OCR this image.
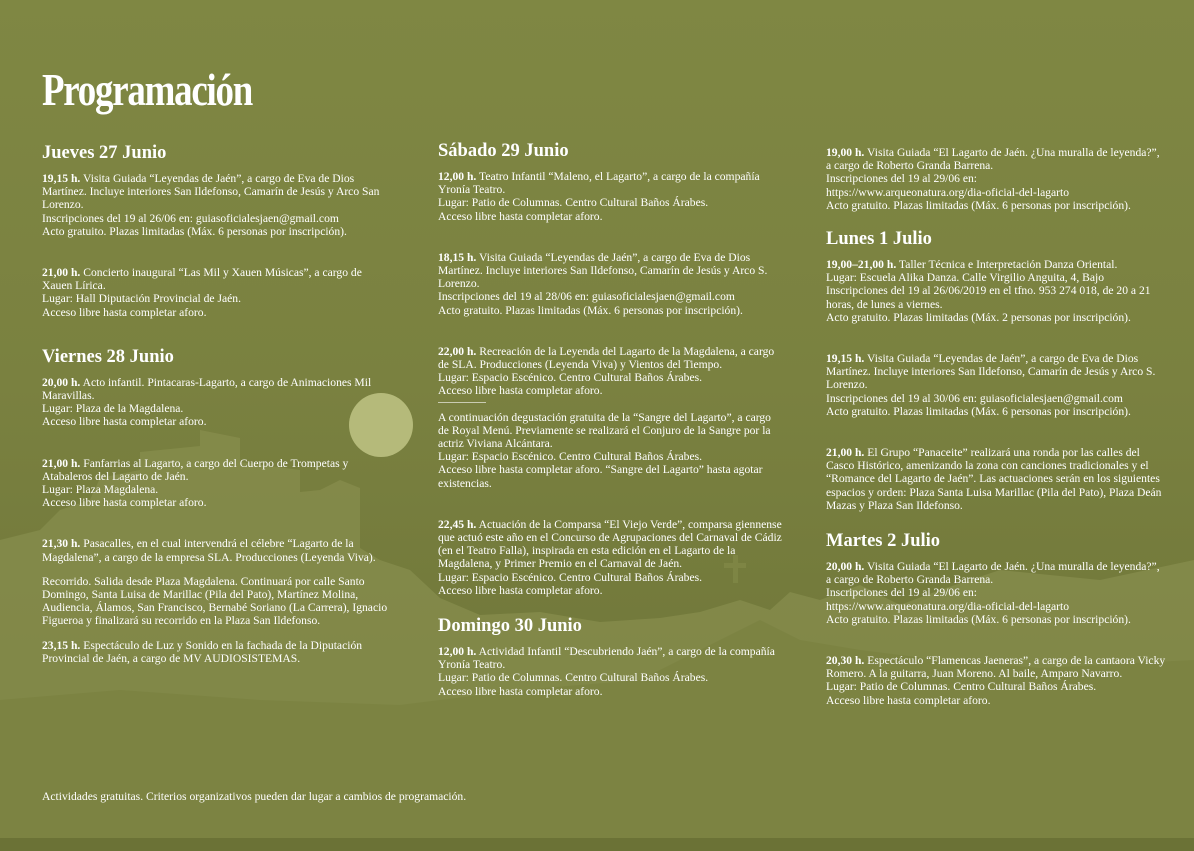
Programación
Jueves 27 Junio

19,15 h. Visita Guiada “Leyendas de Jaén”, a cargo de Eva de Dios Martínez. Incluye interiores San Ildefonso, Camarín de Jesús y Arco San Lorenzo.

Inscripciones del 19 al 26/06 en: guiasoficialesjaen@gmail.com

Acto gratuito. Plazas limitadas (Máx. 6 personas por inscripción).

21,00 h. Concierto inaugural “Las Mil y Xauen Músicas”, a cargo de Xauen Lírica.

Lugar: Hall Diputación Provincial de Jaén.

Acceso libre hasta completar aforo.

Viernes 28 Junio

20,00 h. Acto infantil. Pintacaras-Lagarto, a cargo de Animaciones Mil Maravillas.

Lugar: Plaza de la Magdalena.

Acceso libre hasta completar aforo.

21,00 h. Fanfarrias al Lagarto, a cargo del Cuerpo de Trompetas y Atabaleros del Lagarto de Jaén.

Lugar: Plaza Magdalena.

Acceso libre hasta completar aforo.

21,30 h. Pasacalles, en el cual intervendrá el célebre “Lagarto de la Magdalena”, a cargo de la empresa SLA. Producciones (Leyenda Viva).

Recorrido. Salida desde Plaza Magdalena. Continuará por calle Santo Domingo, Santa Luisa de Marillac (Pila del Pato), Martínez Molina, Audiencia, Álamos, San Francisco, Bernabé Soriano (La Carrera), Ignacio Figueroa y finalizará su recorrido en la Plaza San Ildefonso.

23,15 h. Espectáculo de Luz y Sonido en la fachada de la Diputación Provincial de Jaén, a cargo de MV AUDIOSISTEMAS.

Sábado 29 Junio

12,00 h. Teatro Infantil “Maleno, el Lagarto”, a cargo de la compañía Yronía Teatro.

Lugar: Patio de Columnas. Centro Cultural Baños Árabes.

Acceso libre hasta completar aforo.

18,15 h. Visita Guiada “Leyendas de Jaén”, a cargo de Eva de Dios Martínez. Incluye interiores San Ildefonso, Camarín de Jesús y Arco S. Lorenzo.

Inscripciones del 19 al 28/06 en: guiasoficialesjaen@gmail.com

Acto gratuito. Plazas limitadas (Máx. 6 personas por inscripción).

22,00 h. Recreación de la Leyenda del Lagarto de la Magdalena, a cargo de SLA. Producciones (Leyenda Viva) y Vientos del Tiempo.

Lugar: Espacio Escénico. Centro Cultural Baños Árabes.

Acceso libre hasta completar aforo.

A continuación degustación gratuita de la “Sangre del Lagarto”, a cargo de Royal Menú. Previamente se realizará el Conjuro de la Sangre por la actriz Viviana Alcántara.

Lugar: Espacio Escénico. Centro Cultural Baños Árabes.

Acceso libre hasta completar aforo. “Sangre del Lagarto” hasta agotar existencias.

22,45 h. Actuación de la Comparsa “El Viejo Verde”, comparsa giennense que actuó este año en el Concurso de Agrupaciones del Carnaval de Cádiz (en el Teatro Falla), inspirada en esta edición en el Lagarto de la Magdalena, y Primer Premio en el Carnaval de Jaén.

Lugar: Espacio Escénico. Centro Cultural Baños Árabes.

Acceso libre hasta completar aforo.

Domingo 30 Junio

12,00 h. Actividad Infantil “Descubriendo Jaén”, a cargo de la compañía Yronía Teatro.

Lugar: Patio de Columnas. Centro Cultural Baños Árabes.

Acceso libre hasta completar aforo.

19,00 h. Visita Guiada “El Lagarto de Jaén. ¿Una muralla de leyenda?”, a cargo de Roberto Granda Barrena.

Inscripciones del 19 al 29/06 en:

https://www.arqueonatura.org/dia-oficial-del-lagarto

Acto gratuito. Plazas limitadas (Máx. 6 personas por inscripción).

Lunes 1 Julio

19,00–21,00 h. Taller Técnica e Interpretación Danza Oriental.

Lugar: Escuela Alika Danza. Calle Virgilio Anguita, 4, Bajo

Inscripciones del 19 al 26/06/2019 en el tfno. 953 274 018, de 20 a 21 horas, de lunes a viernes.

Acto gratuito. Plazas limitadas (Máx. 2 personas por inscripción).

19,15 h. Visita Guiada “Leyendas de Jaén”, a cargo de Eva de Dios Martínez. Incluye interiores San Ildefonso, Camarín de Jesús y Arco S. Lorenzo.

Inscripciones del 19 al 30/06 en: guiasoficialesjaen@gmail.com

Acto gratuito. Plazas limitadas (Máx. 6 personas por inscripción).

21,00 h. El Grupo “Panaceite” realizará una ronda por las calles del Casco Histórico, amenizando la zona con canciones tradicionales y el “Romance del Lagarto de Jaén”. Las actuaciones serán en los siguientes espacios y orden: Plaza Santa Luisa Marillac (Pila del Pato), Plaza Deán Mazas y Plaza San Ildefonso.

Martes 2 Julio

20,00 h. Visita Guiada “El Lagarto de Jaén. ¿Una muralla de leyenda?”, a cargo de Roberto Granda Barrena.

Inscripciones del 19 al 29/06 en:

https://www.arqueonatura.org/dia-oficial-del-lagarto

Acto gratuito. Plazas limitadas (Máx. 6 personas por inscripción).

20,30 h. Espectáculo “Flamencas Jaeneras”, a cargo de la cantaora Vicky Romero. A la guitarra, Juan Moreno. Al baile, Amparo Navarro.

Lugar: Patio de Columnas. Centro Cultural Baños Árabes.

Acceso libre hasta completar aforo.

Actividades gratuitas. Criterios organizativos pueden dar lugar a cambios de programación.
